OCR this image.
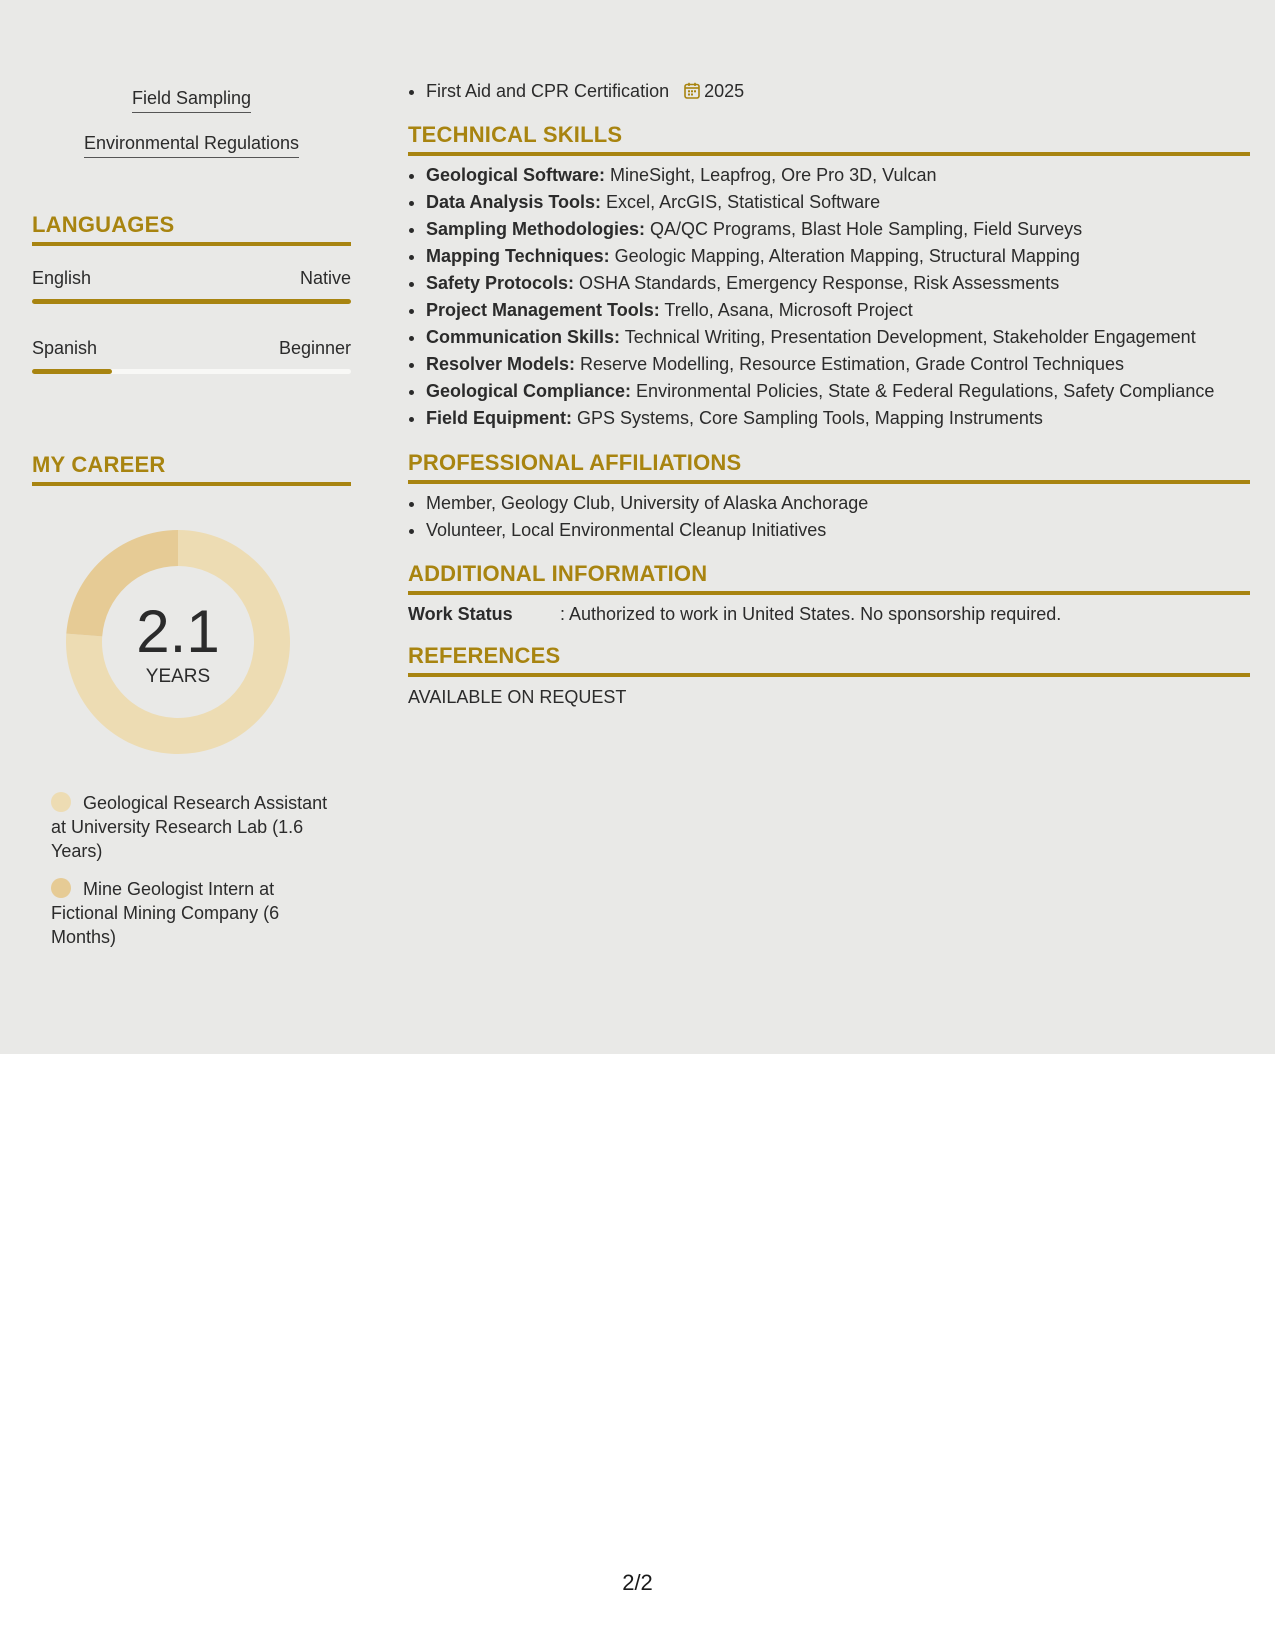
Field Sampling
Environmental Regulations
LANGUAGES
English	Native
Spanish	Beginner
MY CAREER
2.1
YEARS
Geological Research Assistant at University Research Lab (1.6 Years)
Mine Geologist Intern at Fictional Mining Company (6 Months)
• First Aid and CPR Certification 2025
TECHNICAL SKILLS
• Geological Software: MineSight, Leapfrog, Ore Pro 3D, Vulcan
• Data Analysis Tools: Excel, ArcGIS, Statistical Software
• Sampling Methodologies: QA/QC Programs, Blast Hole Sampling, Field Surveys
• Mapping Techniques: Geologic Mapping, Alteration Mapping, Structural Mapping
• Safety Protocols: OSHA Standards, Emergency Response, Risk Assessments
• Project Management Tools: Trello, Asana, Microsoft Project
• Communication Skills: Technical Writing, Presentation Development, Stakeholder Engagement
• Resolver Models: Reserve Modelling, Resource Estimation, Grade Control Techniques
• Geological Compliance: Environmental Policies, State & Federal Regulations, Safety Compliance
• Field Equipment: GPS Systems, Core Sampling Tools, Mapping Instruments
PROFESSIONAL AFFILIATIONS
• Member, Geology Club, University of Alaska Anchorage
• Volunteer, Local Environmental Cleanup Initiatives
ADDITIONAL INFORMATION
Work Status	: Authorized to work in United States. No sponsorship required.
REFERENCES
AVAILABLE ON REQUEST
2/2
